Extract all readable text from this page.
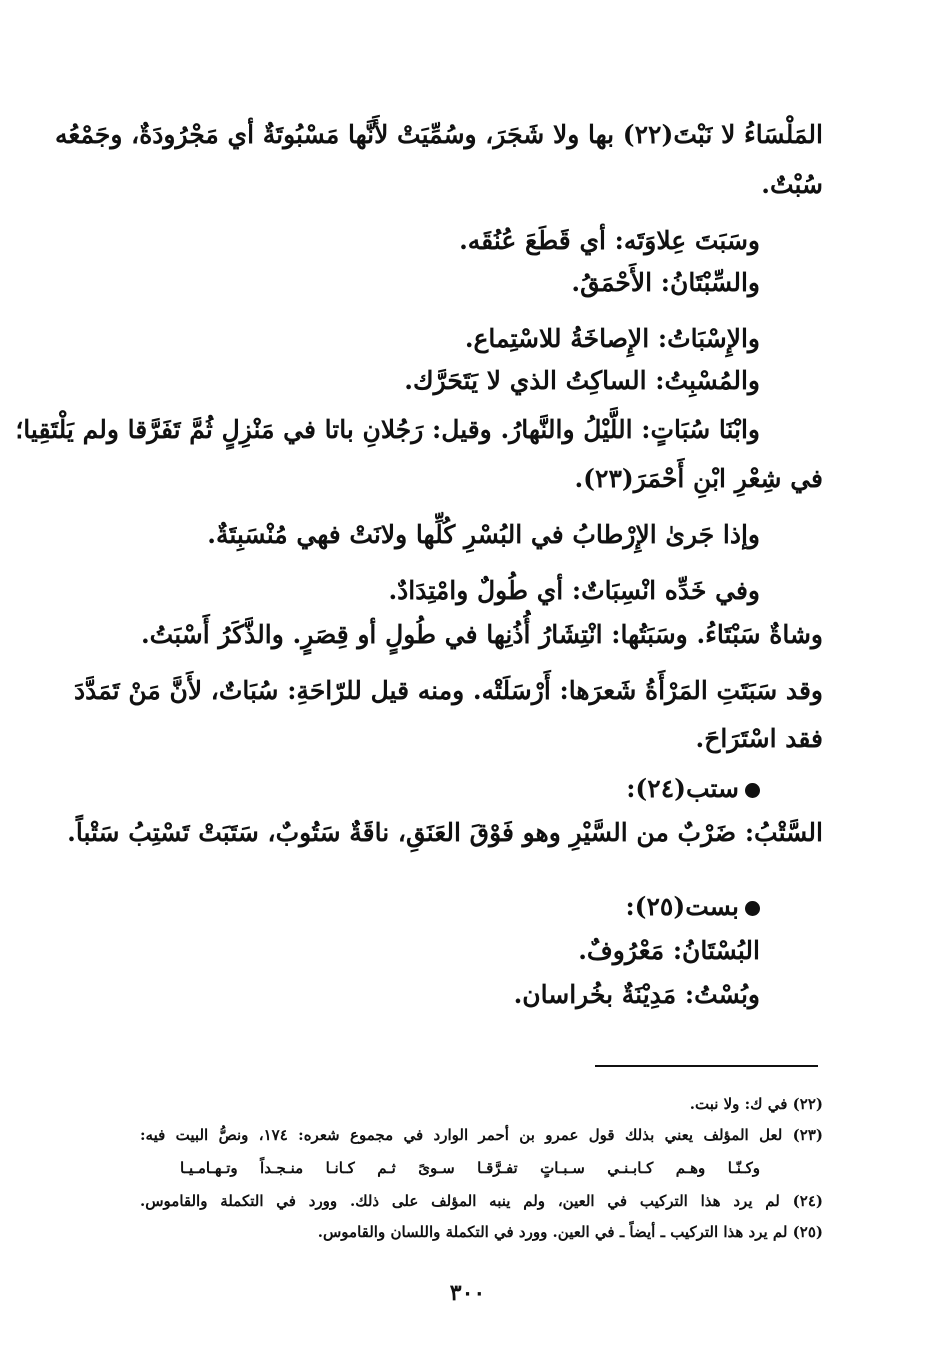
المَلْسَاءُ لا نَبْتَ(٢٢) بها ولا شَجَرَ، وسُمِّيَتْ لأَنَّها مَسْبُوتَةٌ أي مَجْرُودَةٌ، وجَمْعُه
سُبْتٌ.
وسَبَتَ عِلاوَتَه: أي قَطَعَ عُنُقَه.
والسِّبْتَانُ: الأَحْمَقُ.
والإِسْبَاتُ: الإِصاخَةُ للاسْتِماع.
والمُسْبِتُ: الساكِتُ الذي لا يَتَحَرَّك.
وابْنَا سُبَاتٍ: اللَّيْلُ والنَّهارُ. وقيل: رَجُلانِ باتا في مَنْزِلٍ ثُمَّ تَفَرَّقا ولم يَلْتَقِيا؛
في شِعْرِ ابْنِ أَحْمَرَ(٢٣).
وإذا جَرىٰ الإِرْطابُ في البُسْرِ كُلِّها ولانَتْ فهي مُنْسَبِتَةٌ.
وفي خَدِّه انْسِبَاتٌ: أي طُولٌ وامْتِدَادٌ.
وشاةٌ سَبْتَاءُ. وسَبَتُها: انْتِشَارُ أُذُنِها في طُولٍ أو قِصَرٍ. والذَّكَرُ أَسْبَتُ.
وقد سَبَتَتِ المَرْأَةُ شَعرَها: أَرْسَلَتْه. ومنه قيل للرّاحَةِ: سُبَاتٌ، لأَنَّ مَنْ تَمَدَّدَ
فقد اسْتَرَاحَ.
ستب(٢٤):
السَّتْبُ: ضَرْبٌ من السَّيْرِ وهو فَوْقَ العَنَقِ، ناقَةٌ سَتُوبٌ، سَتَبَتْ تَسْتِبُ سَتْباً.
بست(٢٥):
البُسْتَانُ: مَعْرُوفٌ.
وبُسْتُ: مَدِيْنَةٌ بخُراسان.
(٢٢) في ك: ولا نبت.
(٢٣) لعل المؤلف يعني بذلك قول عمرو بن أحمر الوارد في مجموع شعره: ١٧٤، ونصُّ البيت فيه:
وكـنّـا وهـم كـابـنـي سـبـاتٍ تفـرَّقـا سـوىً ثـم كـانـا منـجـداً وتـهـامـيـا
(٢٤) لم يرد هذا التركيب في العين، ولم ينبه المؤلف على ذلك. وورد في التكملة والقاموس.
(٢٥) لم يرد هذا التركيب ـ أيضاً ـ في العين. وورد في التكملة واللسان والقاموس.
٣٠٠
